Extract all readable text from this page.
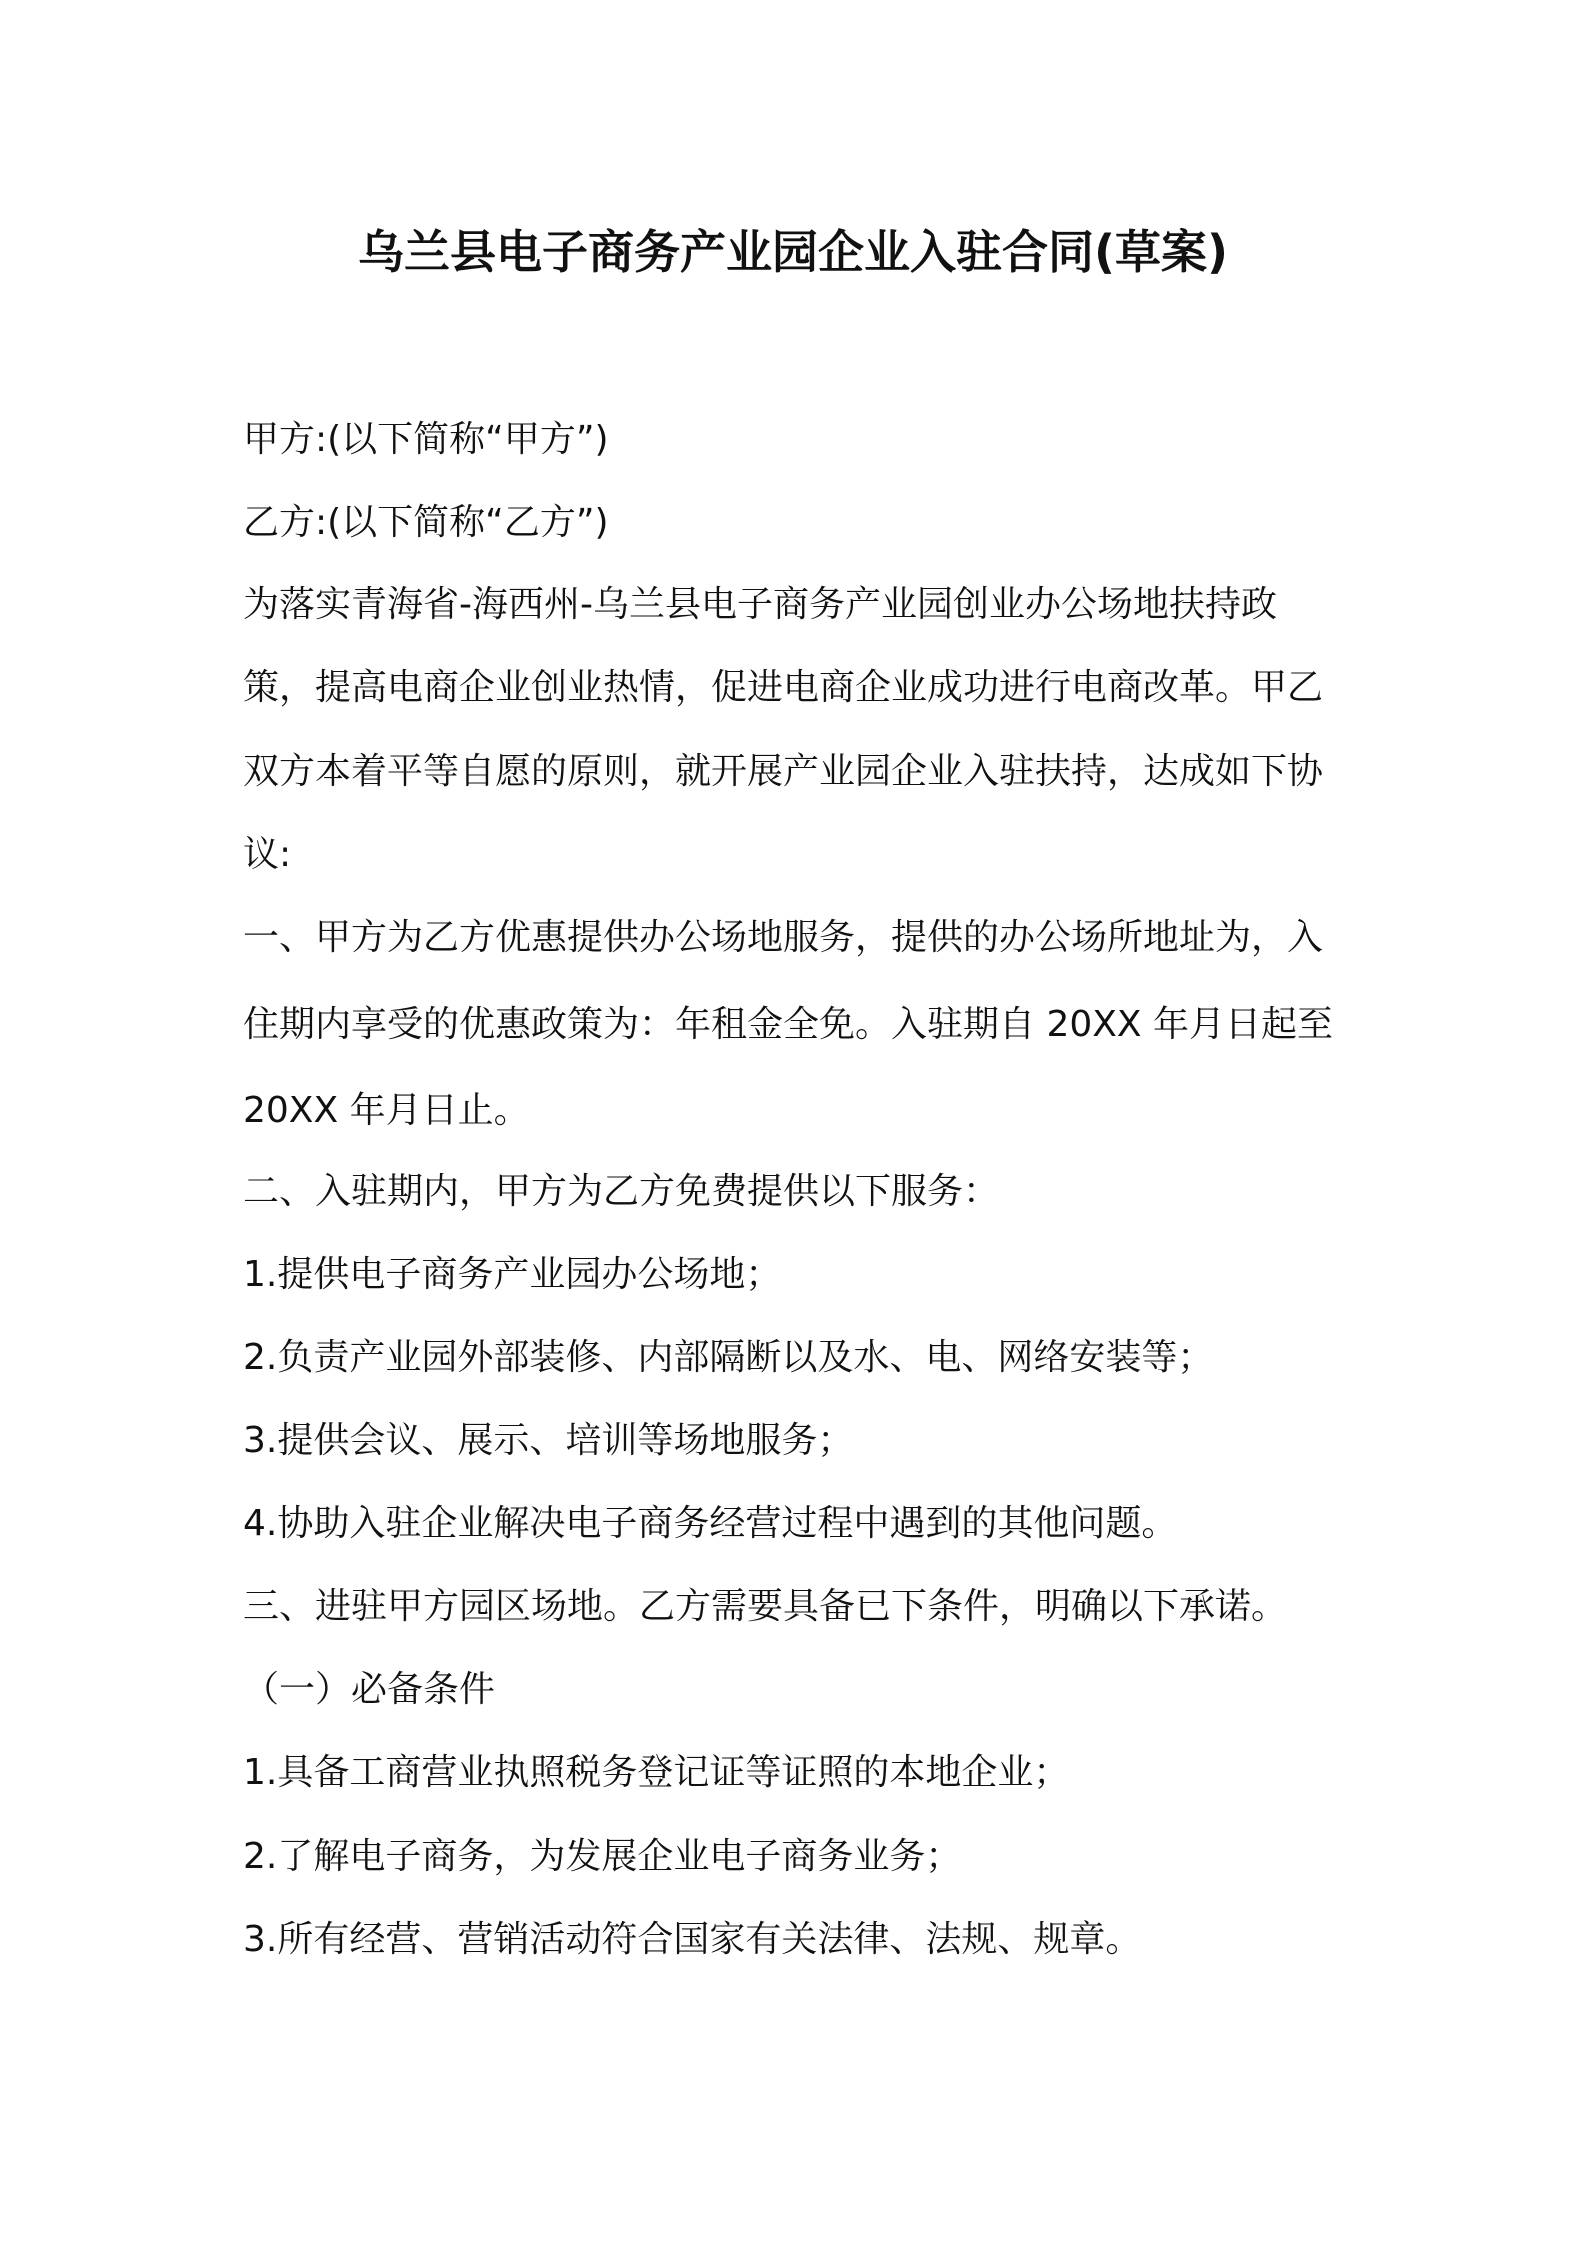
乌兰县电子商务产业园企业入驻合同(草案)
甲方:(以下简称“甲方”)
乙方:(以下简称“乙方”)
为落实青海省-海西州-乌兰县电子商务产业园创业办公场地扶持政
策，提高电商企业创业热情，促进电商企业成功进行电商改革。甲乙
双方本着平等自愿的原则，就开展产业园企业入驻扶持，达成如下协
议:
一、甲方为乙方优惠提供办公场地服务，提供的办公场所地址为，入
住期内享受的优惠政策为：年租金全免。入驻期自 20XX 年月日起至
20XX 年月日止。
二、入驻期内，甲方为乙方免费提供以下服务：
1.提供电子商务产业园办公场地；
2.负责产业园外部装修、内部隔断以及水、电、网络安装等；
3.提供会议、展示、培训等场地服务；
4.协助入驻企业解决电子商务经营过程中遇到的其他问题。
三、进驻甲方园区场地。乙方需要具备已下条件，明确以下承诺。
（一）必备条件
1.具备工商营业执照税务登记证等证照的本地企业；
2.了解电子商务，为发展企业电子商务业务；
3.所有经营、营销活动符合国家有关法律、法规、规章。
